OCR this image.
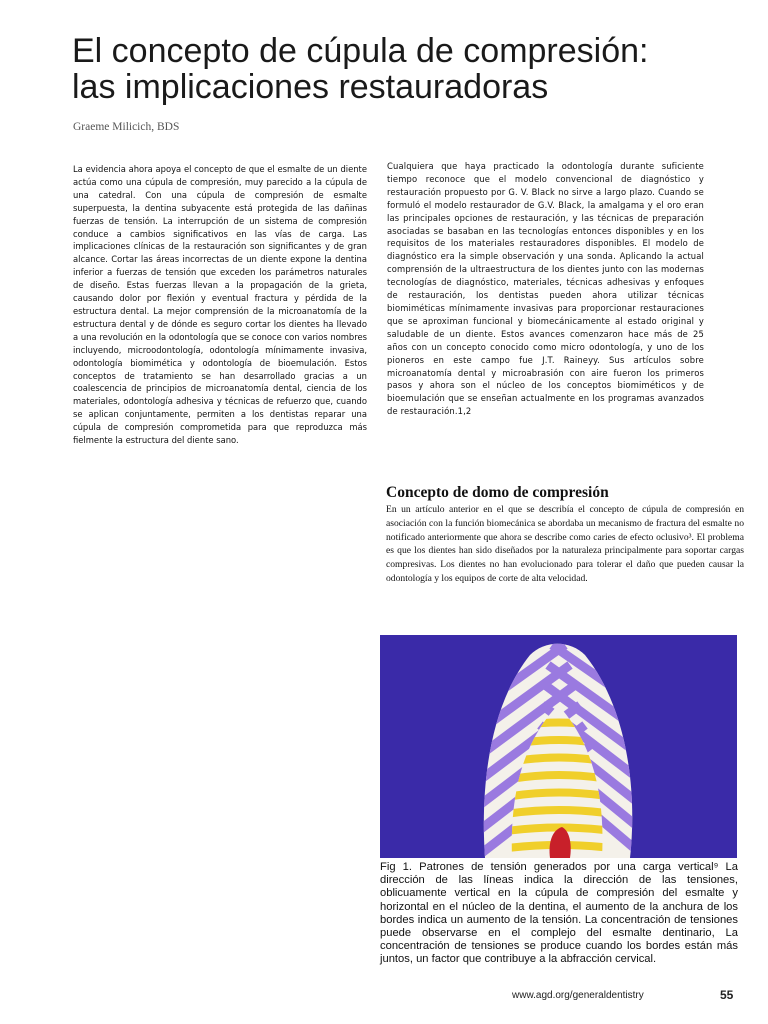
El concepto de cúpula de compresión:
las implicaciones restauradoras
Graeme Milicich, BDS
La evidencia ahora apoya el concepto de que el esmalte de un diente actúa como una cúpula de compresión, muy parecido a la cúpula de una catedral. Con una cúpula de compresión de esmalte superpuesta, la dentina subyacente está protegida de las dañinas fuerzas de tensión. La interrupción de un sistema de compresión conduce a cambios significativos en las vías de carga. Las implicaciones clínicas de la restauración son significantes y de gran alcance. Cortar las áreas incorrectas de un diente expone la dentina inferior a fuerzas de tensión que exceden los parámetros naturales de diseño. Estas fuerzas llevan a la propagación de la grieta, causando dolor por flexión y eventual fractura y pérdida de la estructura dental. La mejor comprensión de la microanatomía de la estructura dental y de dónde es seguro cortar los dientes ha llevado a una revolución en la odontología que se conoce con varios nombres incluyendo, microodontología, odontología mínimamente invasiva, odontología biomimética y odontología de bioemulación. Estos conceptos de tratamiento se han desarrollado gracias a un coalescencia de principios de microanatomía dental, ciencia de los materiales, odontología adhesiva y técnicas de refuerzo que, cuando se aplican conjuntamente, permiten a los dentistas reparar una cúpula de compresión comprometida para que reproduzca más fielmente la estructura del diente sano.
Cualquiera que haya practicado la odontología durante suficiente tiempo reconoce que el modelo convencional de diagnóstico y restauración propuesto por G. V. Black no sirve a largo plazo. Cuando se formuló el modelo restaurador de G.V. Black, la amalgama y el oro eran las principales opciones de restauración, y las técnicas de preparación asociadas se basaban en las tecnologías entonces disponibles y en los requisitos de los materiales restauradores disponibles. El modelo de diagnóstico era la simple observación y una sonda. Aplicando la actual comprensión de la ultraestructura de los dientes junto con las modernas tecnologías de diagnóstico, materiales, técnicas adhesivas y enfoques de restauración, los dentistas pueden ahora utilizar técnicas biomiméticas mínimamente invasivas para proporcionar restauraciones que se aproximan funcional y biomecánicamente al estado original y saludable de un diente. Estos avances comenzaron hace más de 25 años con un concepto conocido como micro odontología, y uno de los pioneros en este campo fue J.T. Raineyy. Sus artículos sobre microanatomía dental y microabrasión con aire fueron los primeros pasos y ahora son el núcleo de los conceptos biomiméticos y de bioemulación que se enseñan actualmente en los programas avanzados de restauración.1,2
Concepto de domo de compresión
En un artículo anterior en el que se describía el concepto de cúpula de compresión en asociación con la función biomecánica se abordaba un mecanismo de fractura del esmalte no notificado anteriormente que ahora se describe como caries de efecto oclusivo³. El problema es que los dientes han sido diseñados por la naturaleza principalmente para soportar cargas compresivas. Los dientes no han evolucionado para tolerar el daño que pueden causar la odontología y los equipos de corte de alta velocidad.
Fig 1. Patrones de tensión generados por una carga vertical⁹ La dirección de las líneas indica la dirección de las tensiones, oblicuamente vertical en la cúpula de compresión del esmalte y horizontal en el núcleo de la dentina, el aumento de la anchura de los bordes indica un aumento de la tensión. La concentración de tensiones puede observarse en el complejo del esmalte dentinario, La concentración de tensiones se produce cuando los bordes están más juntos, un factor que contribuye a la abfracción cervical.
www.agd.org/generaldentistry	55
